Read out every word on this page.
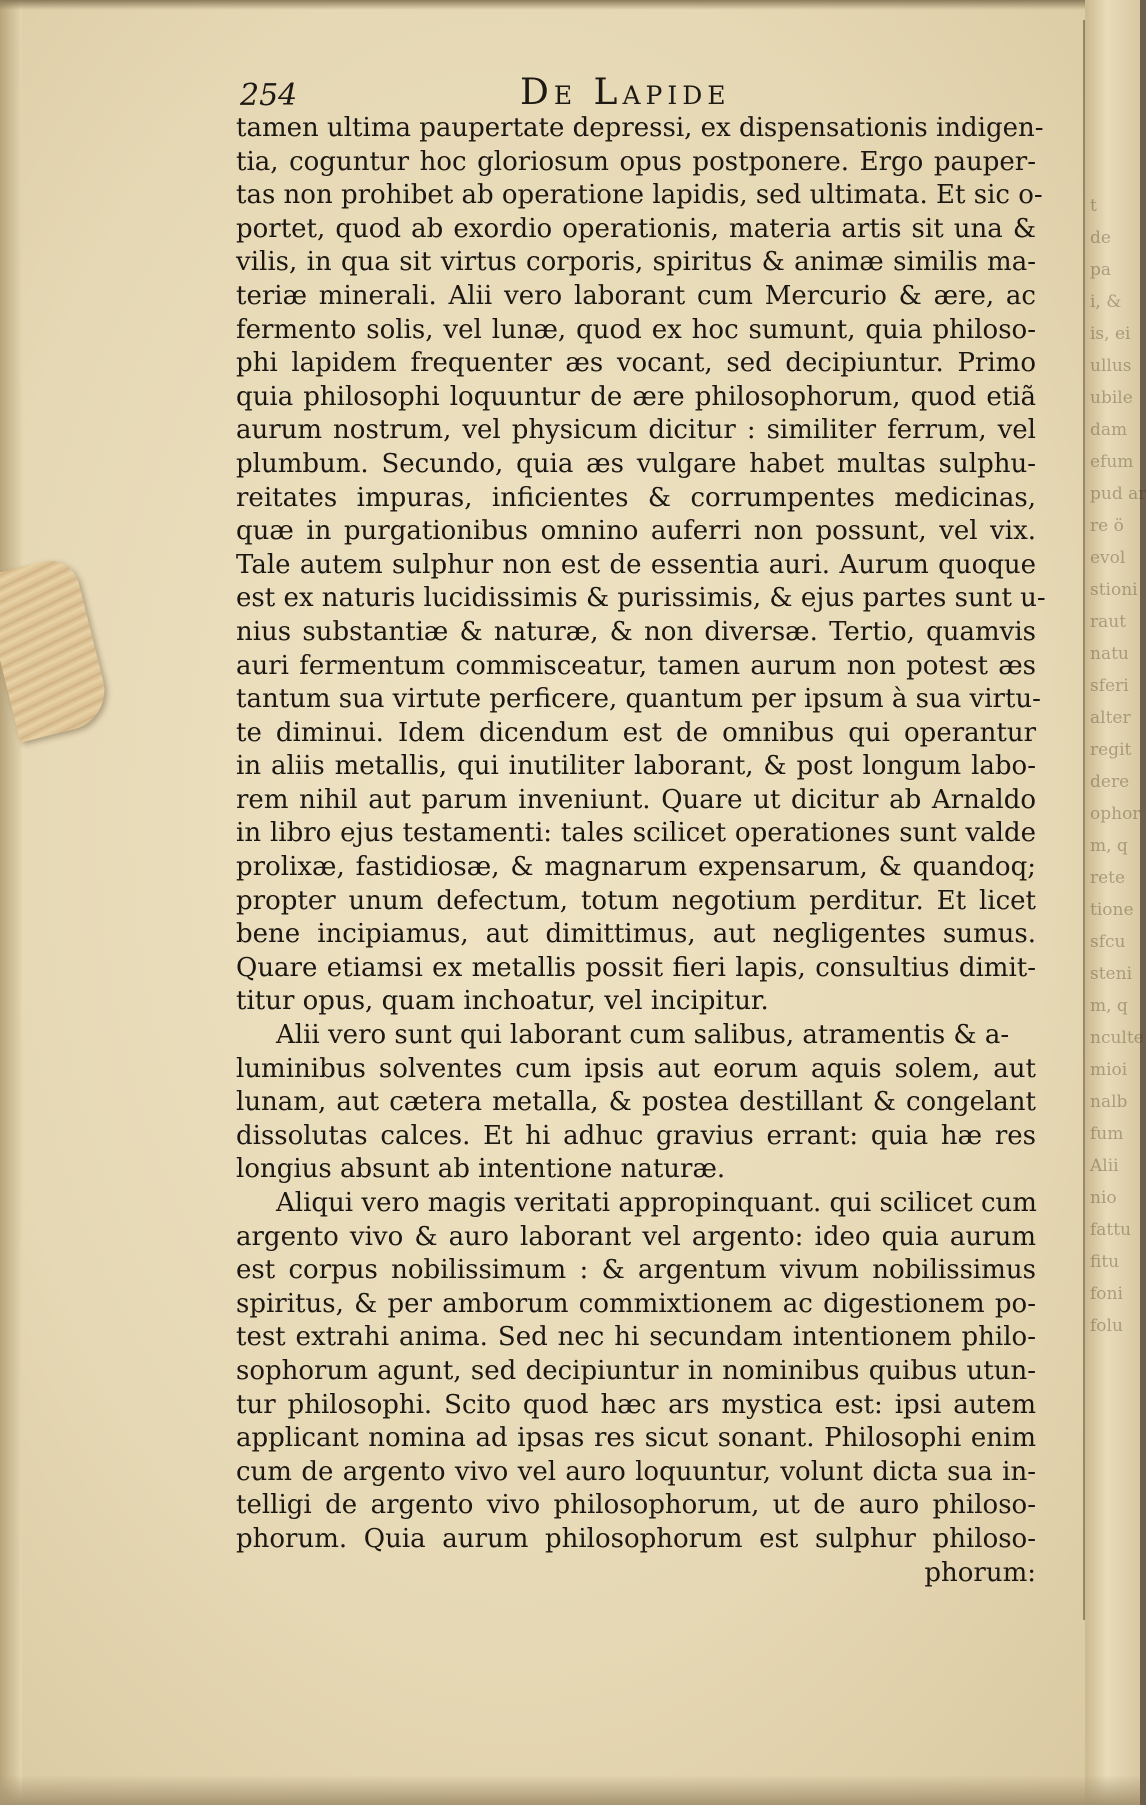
t
de
pa
i, &
is, ei
ullus
ubile
dam
efum
pud ar
re ö
evol
stioni
raut
natu
sferi
alter
regit
dere
ophor
m, q
rete
tione
sfcu
steni
m, q
nculte
mioi
nalb
fum
Alii
nio
fattu
fitu
foni
folu
254	De Lapide
tamen ultima paupertate depressi, ex dispensationis indigen-
tia, coguntur hoc gloriosum opus postponere. Ergo pauper-
tas non prohibet ab operatione lapidis, sed ultimata. Et sic o-
portet, quod ab exordio operationis, materia artis sit una &
vilis, in qua sit virtus corporis, spiritus & animæ similis ma-
teriæ minerali. Alii vero laborant cum Mercurio & ære, ac
fermento solis, vel lunæ, quod ex hoc sumunt, quia philoso-
phi lapidem frequenter æs vocant, sed decipiuntur. Primo
quia philosophi loquuntur de ære philosophorum, quod etiã
aurum nostrum, vel physicum dicitur : similiter ferrum, vel
plumbum. Secundo, quia æs vulgare habet multas sulphu-
reitates impuras, inficientes & corrumpentes medicinas,
quæ in purgationibus omnino auferri non possunt, vel vix.
Tale autem sulphur non est de essentia auri. Aurum quoque
est ex naturis lucidissimis & purissimis, & ejus partes sunt u-
nius substantiæ & naturæ, & non diversæ. Tertio, quamvis
auri fermentum commisceatur, tamen aurum non potest æs
tantum sua virtute perficere, quantum per ipsum à sua virtu-
te diminui. Idem dicendum est de omnibus qui operantur
in aliis metallis, qui inutiliter laborant, & post longum labo-
rem nihil aut parum inveniunt. Quare ut dicitur ab Arnaldo
in libro ejus testamenti: tales scilicet operationes sunt valde
prolixæ, fastidiosæ, & magnarum expensarum, & quandoq;
propter unum defectum, totum negotium perditur. Et licet
bene incipiamus, aut dimittimus, aut negligentes sumus.
Quare etiamsi ex metallis possit fieri lapis, consultius dimit-
titur opus, quam inchoatur, vel incipitur.
Alii vero sunt qui laborant cum salibus, atramentis & a-
luminibus solventes cum ipsis aut eorum aquis solem, aut
lunam, aut cætera metalla, & postea destillant & congelant
dissolutas calces. Et hi adhuc gravius errant: quia hæ res
longius absunt ab intentione naturæ.
Aliqui vero magis veritati appropinquant. qui scilicet cum
argento vivo & auro laborant vel argento: ideo quia aurum
est corpus nobilissimum : & argentum vivum nobilissimus
spiritus, & per amborum commixtionem ac digestionem po-
test extrahi anima. Sed nec hi secundam intentionem philo-
sophorum agunt, sed decipiuntur in nominibus quibus utun-
tur philosophi. Scito quod hæc ars mystica est: ipsi autem
applicant nomina ad ipsas res sicut sonant. Philosophi enim
cum de argento vivo vel auro loquuntur, volunt dicta sua in-
telligi de argento vivo philosophorum, ut de auro philoso-
phorum. Quia aurum philosophorum est sulphur philoso-
phorum:
